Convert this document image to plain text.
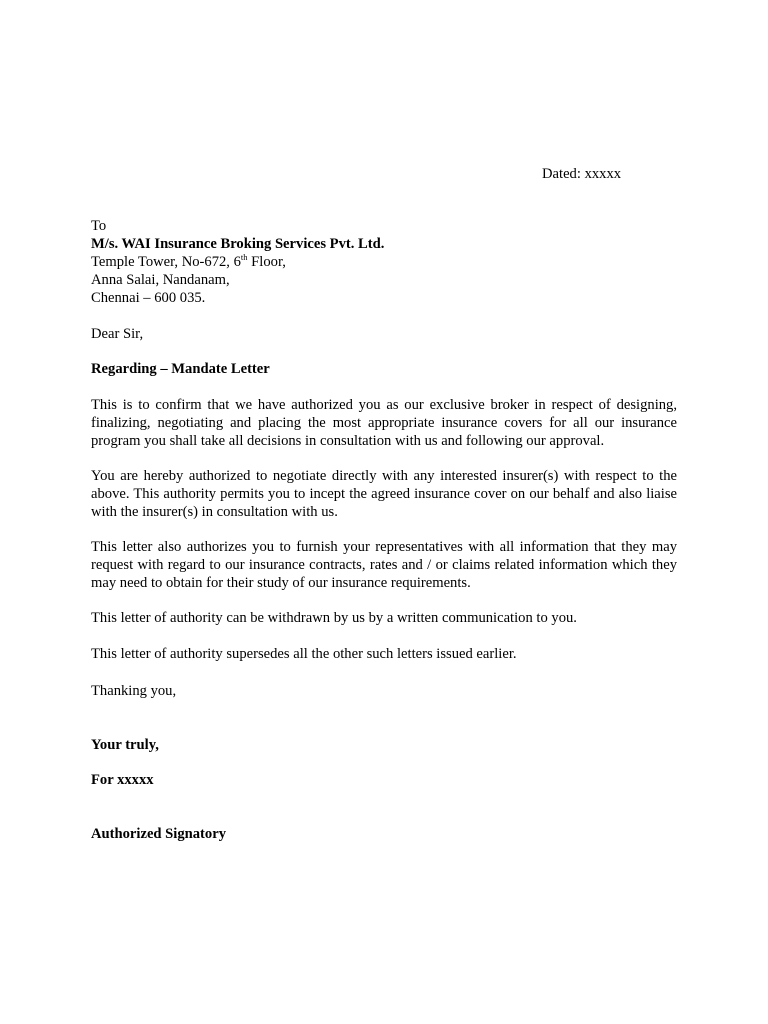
Dated: xxxxx
To
M/s. WAI Insurance Broking Services Pvt. Ltd.
Temple Tower, No-672, 6th Floor,
Anna Salai, Nandanam,
Chennai – 600 035.
Dear Sir,
Regarding – Mandate Letter
This is to confirm that we have authorized you as our exclusive broker in respect of designing, finalizing, negotiating and placing the most appropriate insurance covers for all our insurance program you shall take all decisions in consultation with us and following our approval.
You are hereby authorized to negotiate directly with any interested insurer(s) with respect to the above. This authority permits you to incept the agreed insurance cover on our behalf and also liaise with the insurer(s) in consultation with us.
This letter also authorizes you to furnish your representatives with all information that they may request with regard to our insurance contracts, rates and / or claims related information which they may need to obtain for their study of our insurance requirements.
This letter of authority can be withdrawn by us by a written communication to you.
This letter of authority supersedes all the other such letters issued earlier.
Thanking you,
Your truly,
For xxxxx
Authorized Signatory
